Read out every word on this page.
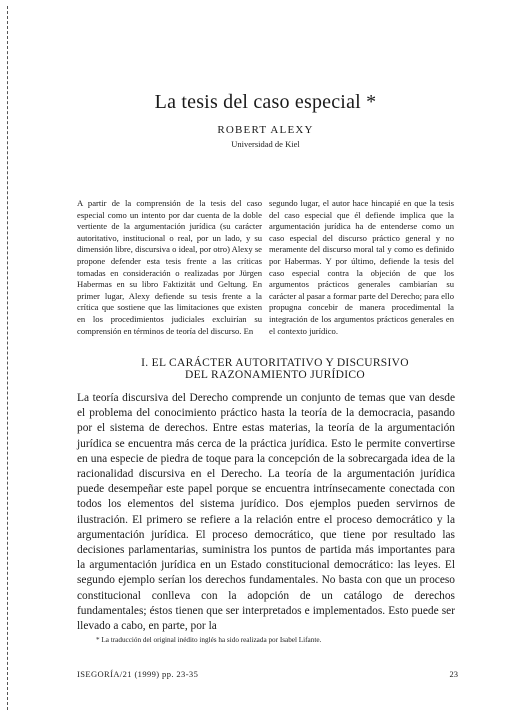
La tesis del caso especial *
ROBERT ALEXY
Universidad de Kiel
A partir de la comprensión de la tesis del caso especial como un intento por dar cuenta de la doble vertiente de la argumentación jurídica (su carácter autoritativo, institucional o real, por un lado, y su dimensión libre, discursiva o ideal, por otro) Alexy se propone defender esta tesis frente a las críticas tomadas en consideración o realizadas por Jürgen Habermas en su libro Faktizität und Geltung. En primer lugar, Alexy defiende su tesis frente a la crítica que sostiene que las limitaciones que existen en los procedimientos judiciales excluirían su comprensión en términos de teoría del discurso. En
segundo lugar, el autor hace hincapié en que la tesis del caso especial que él defiende implica que la argumentación jurídica ha de entenderse como un caso especial del discurso práctico general y no meramente del discurso moral tal y como es definido por Habermas. Y por último, defiende la tesis del caso especial contra la objeción de que los argumentos prácticos generales cambiarían su carácter al pasar a formar parte del Derecho; para ello propugna concebir de manera procedimental la integración de los argumentos prácticos generales en el contexto jurídico.
I. EL CARÁCTER AUTORITATIVO Y DISCURSIVO
DEL RAZONAMIENTO JURÍDICO
La teoría discursiva del Derecho comprende un conjunto de temas que van desde el problema del conocimiento práctico hasta la teoría de la democracia, pasando por el sistema de derechos. Entre estas materias, la teoría de la argumentación jurídica se encuentra más cerca de la práctica jurídica. Esto le permite convertirse en una especie de piedra de toque para la concepción de la sobrecargada idea de la racionalidad discursiva en el Derecho. La teoría de la argumentación jurídica puede desempeñar este papel porque se encuentra intrínsecamente conectada con todos los elementos del sistema jurídico. Dos ejemplos pueden servirnos de ilustración. El primero se refiere a la relación entre el proceso democrático y la argumentación jurídica. El proceso democrático, que tiene por resultado las decisiones parlamentarias, suministra los puntos de partida más importantes para la argumentación jurídica en un Estado constitucional democrático: las leyes. El segundo ejemplo serían los derechos fundamentales. No basta con que un proceso constitucional conlleva con la adopción de un catálogo de derechos fundamentales; éstos tienen que ser interpretados e implementados. Esto puede ser llevado a cabo, en parte, por la
* La traducción del original inédito inglés ha sido realizada por Isabel Lifante.
ISEGORÍA/21 (1999) pp. 23-35	23
